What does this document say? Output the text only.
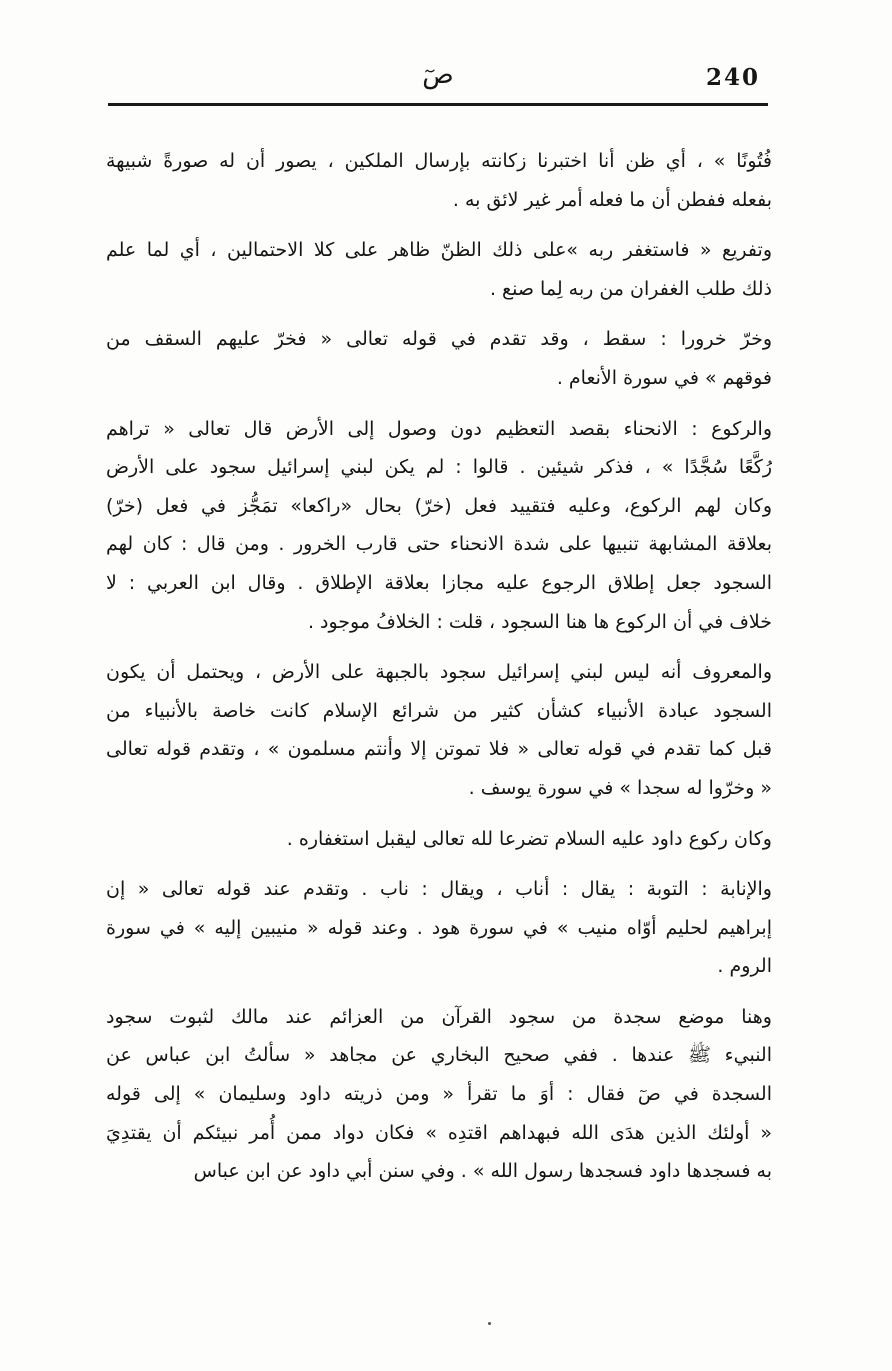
240
صٓ
فُتُونًا » ، أي ظن أنا اختبرنا زكانته بإرسال الملكين ، يصور أن له صورةً شبيهة
بفعله ففطن أن ما فعله أمر غير لائق به .
وتفريع « فاستغفر ربه »على ذلك الظنّ ظاهر على كلا الاحتمالين ، أي لما علم
ذلك طلب الغفران من ربه لِما صنع .
وخرّ خرورا : سقط ، وقد تقدم في قوله تعالى « فخرّ عليهم السقف من
فوقهم » في سورة الأنعام .
والركوع : الانحناء بقصد التعظيم دون وصول إلى الأرض قال تعالى « تراهم
رُكَّعًا سُجَّدًا » ، فذكر شيئين . قالوا : لم يكن لبني إسرائيل سجود على الأرض
وكان لهم الركوع، وعليه فتقييد فعل (خرّ) بحال «راكعا» تمَجُّز في فعل (خرّ)
بعلاقة المشابهة تنبيها على شدة الانحناء حتى قارب الخرور . ومن قال : كان لهم
السجود جعل إطلاق الرجوع عليه مجازا بعلاقة الإطلاق . وقال ابن العربي : لا
خلاف في أن الركوع ها هنا السجود ، قلت : الخلافُ موجود .
والمعروف أنه ليس لبني إسرائيل سجود بالجبهة على الأرض ، ويحتمل أن يكون
السجود عبادة الأنبياء كشأن كثير من شرائع الإسلام كانت خاصة بالأنبياء من
قبل كما تقدم في قوله تعالى « فلا تموتن إلا وأنتم مسلمون » ، وتقدم قوله تعالى
« وخرّوا له سجدا » في سورة يوسف .
وكان ركوع داود عليه السلام تضرعا لله تعالى ليقبل استغفاره .
والإنابة : التوبة : يقال : أناب ، ويقال : ناب . وتقدم عند قوله تعالى « إن
إبراهيم لحليم أوّاه منيب » في سورة هود . وعند قوله « منيبين إليه » في سورة
الروم .
وهنا موضع سجدة من سجود القرآن من العزائم عند مالك لثبوت سجود
النبيء ﷺ عندها . ففي صحيح البخاري عن مجاهد « سألتُ ابن عباس عن
السجدة في صٓ فقال : أوَ ما تقرأ « ومن ذريته داود وسليمان » إلى قوله
« أولئك الذين هدَى الله فبهداهم اقتدِه » فكان دواد ممن أُمر نبيئكم أن يقتدِيَ
به فسجدها داود فسجدها رسول الله » . وفي سنن أبي داود عن ابن عباس
